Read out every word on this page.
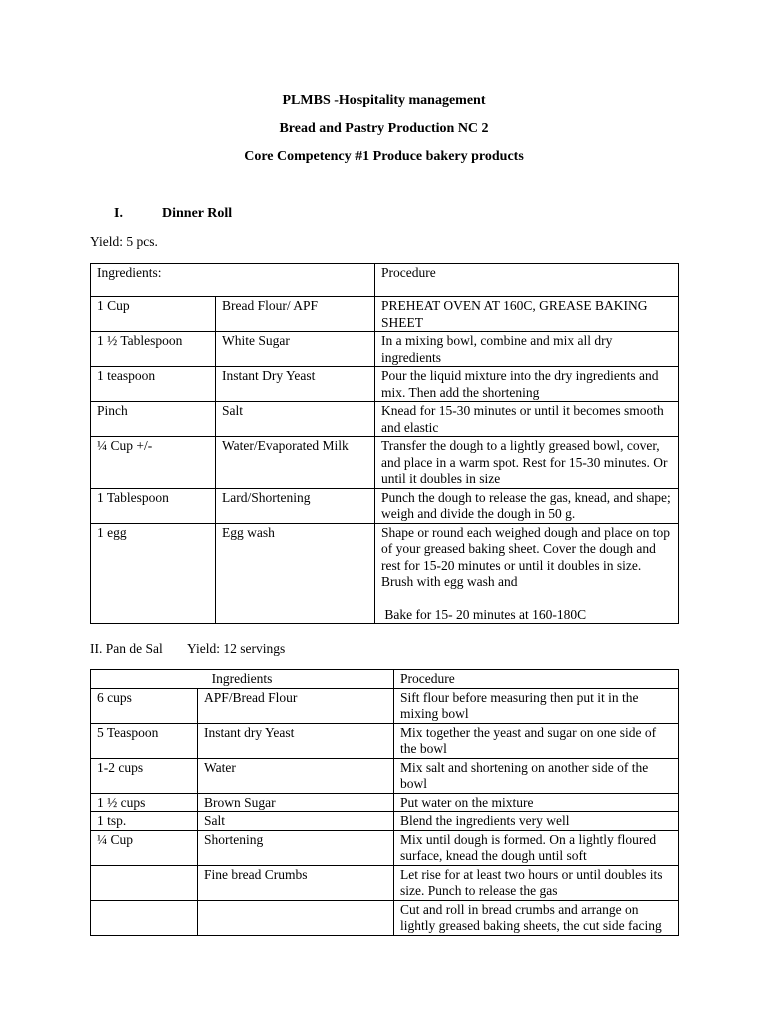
PLMBS -Hospitality management
Bread and Pastry Production NC 2
Core Competency #1 Produce bakery products
I.	Dinner Roll
Yield: 5 pcs.
Ingredients:		Procedure
1 Cup	Bread Flour/ APF	PREHEAT OVEN AT 160C, GREASE BAKING SHEET
1 ½ Tablespoon	White Sugar	In a mixing bowl, combine and mix all dry ingredients
1 teaspoon	Instant Dry Yeast	Pour the liquid mixture into the dry ingredients and mix. Then add the shortening
Pinch	Salt	Knead for 15-30 minutes or until it becomes smooth and elastic
¼ Cup +/-	Water/Evaporated Milk	Transfer the dough to a lightly greased bowl, cover, and place in a warm spot. Rest for 15-30 minutes. Or until it doubles in size
1 Tablespoon	Lard/Shortening	Punch the dough to release the gas, knead, and shape; weigh and divide the dough in 50 g.
1 egg	Egg wash	Shape or round each weighed dough and place on top of your greased baking sheet. Cover the dough and rest for 15-20 minutes or until it doubles in size. Brush with egg wash and
Bake for 15- 20 minutes at 160-180C
II. Pan de Sal Yield: 12 servings
Ingredients		Procedure
6 cups	APF/Bread Flour	Sift flour before measuring then put it in the mixing bowl
5 Teaspoon	Instant dry Yeast	Mix together the yeast and sugar on one side of the bowl
1-2 cups	Water	Mix salt and shortening on another side of the bowl
1 ½ cups	Brown Sugar	Put water on the mixture
1 tsp.	Salt	Blend the ingredients very well
¼ Cup	Shortening	Mix until dough is formed. On a lightly floured surface, knead the dough until soft
	Fine bread Crumbs	Let rise for at least two hours or until doubles its size. Punch to release the gas
		Cut and roll in bread crumbs and arrange on lightly greased baking sheets, the cut side facing
